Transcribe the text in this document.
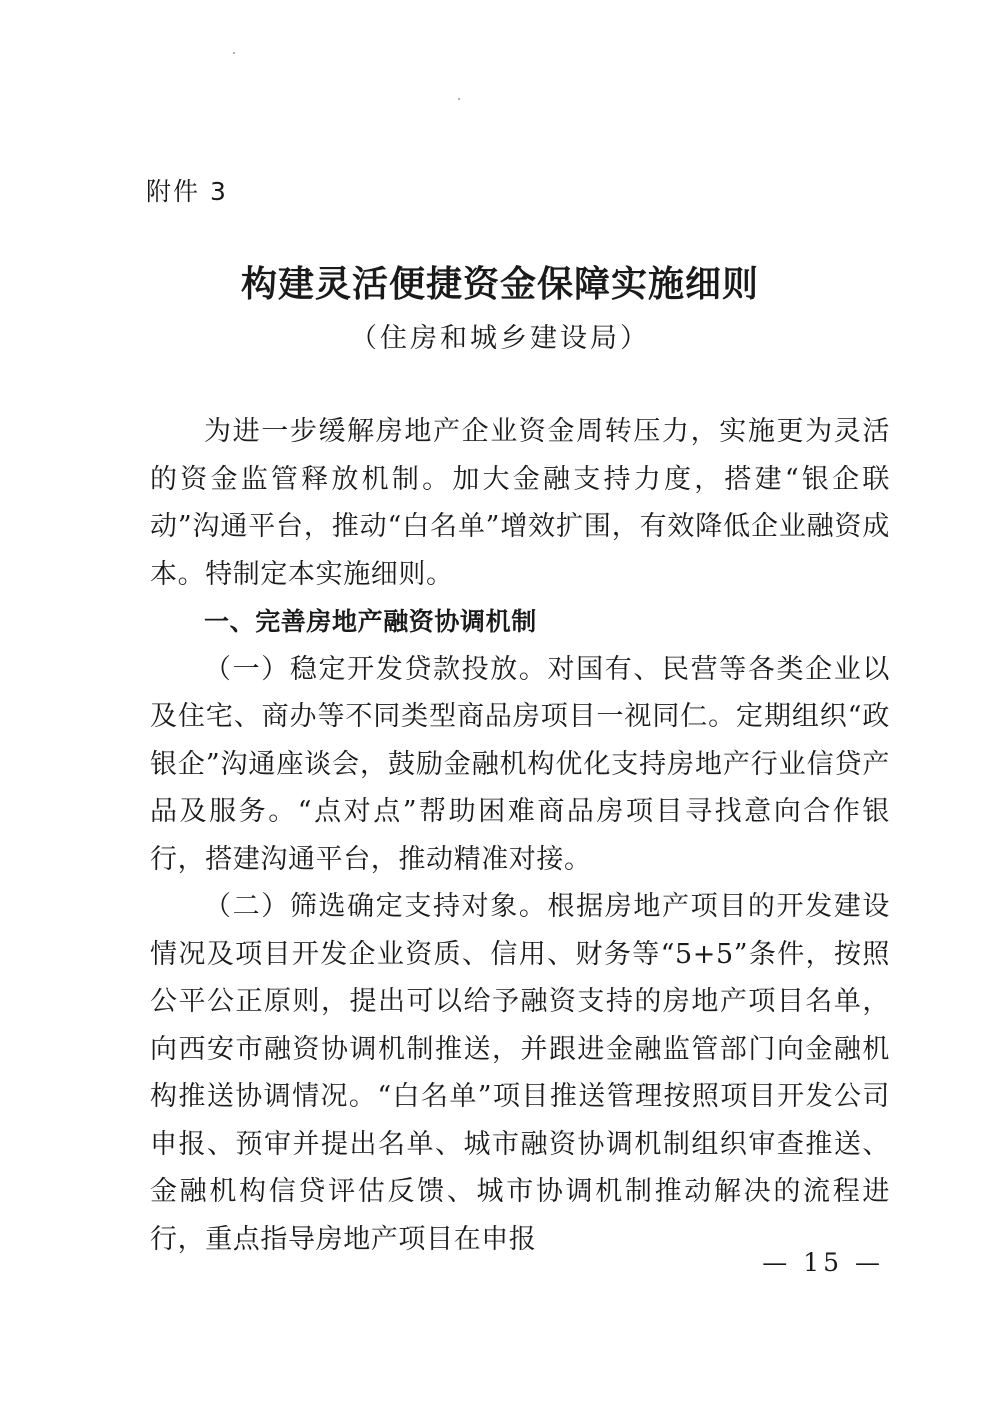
附件 3

构建灵活便捷资金保障实施细则

（住房和城乡建设局）

为进一步缓解房地产企业资金周转压力，实施更为灵活的资金监管释放机制。加大金融支持力度，搭建“银企联动”沟通平台，推动“白名单”增效扩围，有效降低企业融资成本。特制定本实施细则。

一、完善房地产融资协调机制

（一）稳定开发贷款投放。对国有、民营等各类企业以及住宅、商办等不同类型商品房项目一视同仁。定期组织“政银企”沟通座谈会，鼓励金融机构优化支持房地产行业信贷产品及服务。“点对点”帮助困难商品房项目寻找意向合作银行，搭建沟通平台，推动精准对接。

（二）筛选确定支持对象。根据房地产项目的开发建设情况及项目开发企业资质、信用、财务等“5+5”条件，按照公平公正原则，提出可以给予融资支持的房地产项目名单，向西安市融资协调机制推送，并跟进金融监管部门向金融机构推送协调情况。“白名单”项目推送管理按照项目开发公司申报、预审并提出名单、城市融资协调机制组织审查推送、金融机构信贷评估反馈、城市协调机制推动解决的流程进行，重点指导房地产项目在申报

— 15 —
